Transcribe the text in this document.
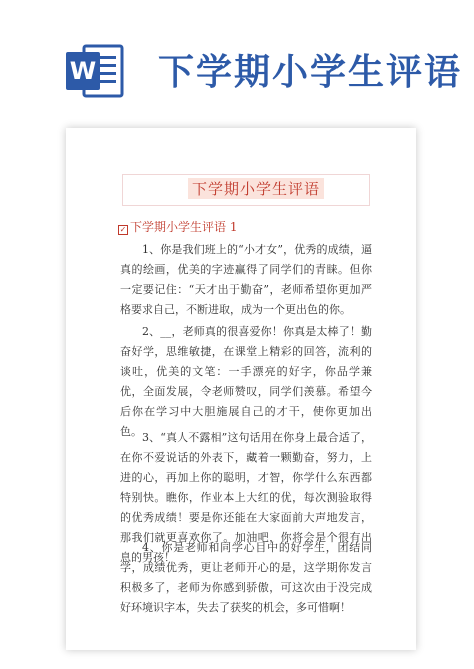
W 下学期小学生评语
下学期小学生评语
✓ 下学期小学生评语 1

1、你是我们班上的“小才女”，优秀的成绩，逼真的绘画，优美的字迹赢得了同学们的青睐。但你一定要记住：“天才出于勤奋”，老师希望你更加严格要求自己，不断进取，成为一个更出色的你。

2、__，老师真的很喜爱你！你真是太棒了！勤奋好学，思维敏捷，在课堂上精彩的回答，流利的谈吐，优美的文笔：一手漂亮的好字，你品学兼优，全面发展，令老师赞叹，同学们羡慕。希望今后你在学习中大胆施展自己的才干，使你更加出色。 3、“真人不露相”这句话用在你身上最合适了，在你不爱说话的外表下，藏着一颗勤奋，努力，上进的心，再加上你的聪明，才智，你学什么东西都特别快。瞧你，作业本上大红的优，每次测验取得的优秀成绩！要是你还能在大家面前大声地发言，那我们就更喜欢你了。加油吧，你将会是个很有出息的男孩！

4、你是老师和同学心目中的好学生，团结同学，成绩优秀，更让老师开心的是，这学期你发言积极多了，老师为你感到骄傲，可这次由于没完成好环境识字本，失去了获奖的机会，多可惜啊！
